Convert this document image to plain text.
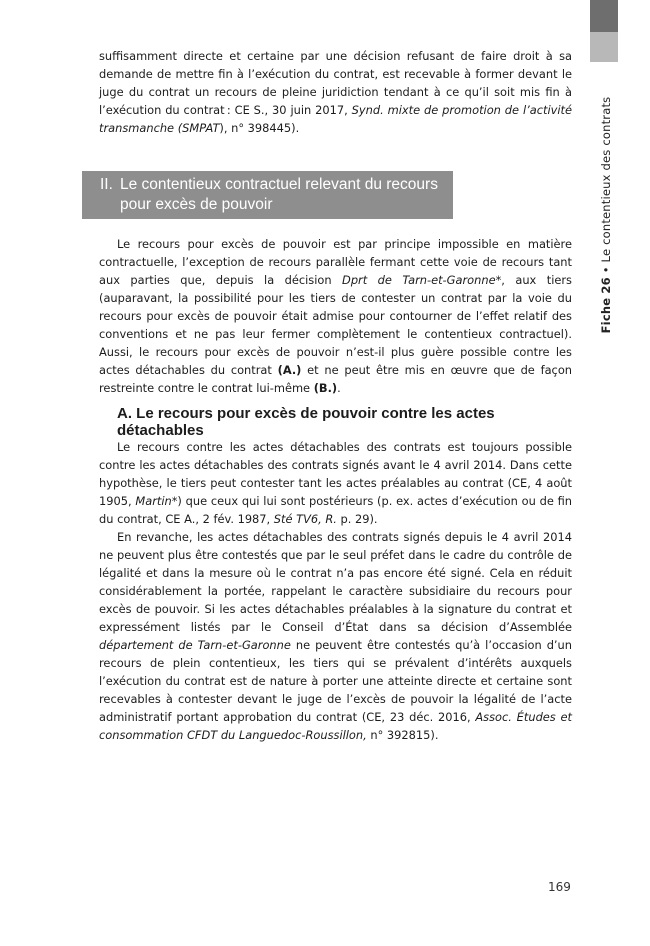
Fiche 26 • Le contentieux des contrats

suffisamment directe et certaine par une décision refusant de faire droit à sa demande de mettre fin à l’exécution du contrat, est recevable à former devant le juge du contrat un recours de pleine juridiction tendant à ce qu’il soit mis fin à l’exécution du contrat : CE S., 30 juin 2017, Synd. mixte de promotion de l’activité transmanche (SMPAT), n° 398445).

II. Le contentieux contractuel relevant du recours pour excès de pouvoir

Le recours pour excès de pouvoir est par principe impossible en matière contractuelle, l’exception de recours parallèle fermant cette voie de recours tant aux parties que, depuis la décision Dprt de Tarn-et-Garonne*, aux tiers (auparavant, la possibilité pour les tiers de contester un contrat par la voie du recours pour excès de pouvoir était admise pour contourner de l’effet relatif des conventions et ne pas leur fermer complètement le contentieux contractuel). Aussi, le recours pour excès de pouvoir n’est-il plus guère possible contre les actes détachables du contrat (A.) et ne peut être mis en œuvre que de façon restreinte contre le contrat lui-même (B.).

A. Le recours pour excès de pouvoir contre les actes détachables

Le recours contre les actes détachables des contrats est toujours possible contre les actes détachables des contrats signés avant le 4 avril 2014. Dans cette hypothèse, le tiers peut contester tant les actes préalables au contrat (CE, 4 août 1905, Martin*) que ceux qui lui sont postérieurs (p. ex. actes d’exécution ou de fin du contrat, CE A., 2 fév. 1987, Sté TV6, R. p. 29).

En revanche, les actes détachables des contrats signés depuis le 4 avril 2014 ne peuvent plus être contestés que par le seul préfet dans le cadre du contrôle de légalité et dans la mesure où le contrat n’a pas encore été signé. Cela en réduit considérablement la portée, rappelant le caractère subsidiaire du recours pour excès de pouvoir. Si les actes détachables préalables à la signature du contrat et expressément listés par le Conseil d’État dans sa décision d’Assemblée département de Tarn-et-Garonne ne peuvent être contestés qu’à l’occasion d’un recours de plein contentieux, les tiers qui se prévalent d’intérêts auxquels l’exécution du contrat est de nature à porter une atteinte directe et certaine sont recevables à contester devant le juge de l’excès de pouvoir la légalité de l’acte administratif portant approbation du contrat (CE, 23 déc. 2016, Assoc. Études et consommation CFDT du Languedoc-Roussillon, n° 392815).

169
